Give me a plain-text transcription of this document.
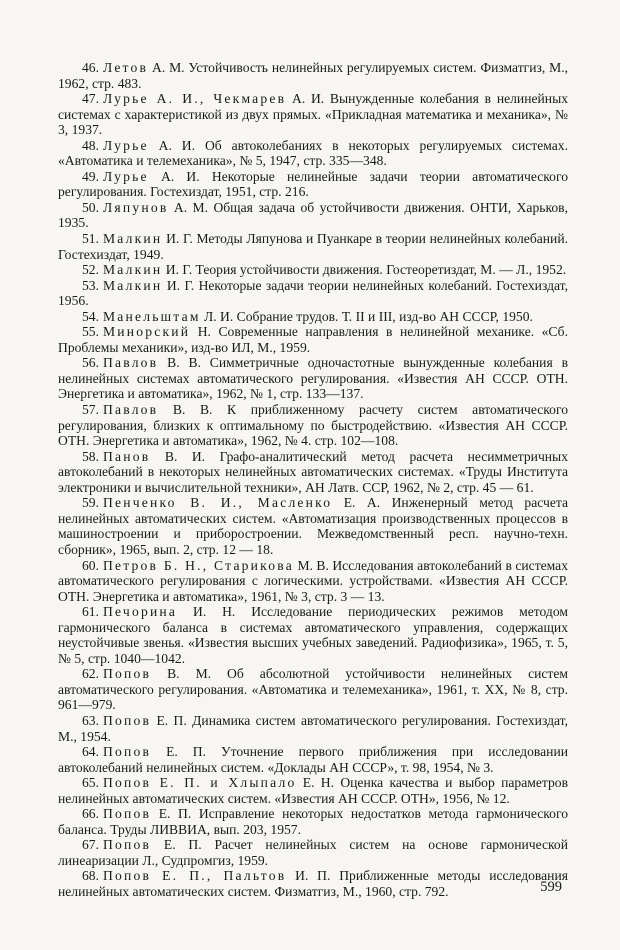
46. Летов А. М. Устойчивость нелинейных регулируемых систем. Физматгиз, М., 1962, стр. 483.
47. Лурье А. И., Чекмарев А. И. Вынужденные колебания в нелинейных системах с характеристикой из двух прямых. «Прикладная математика и механика», № 3, 1937.
48. Лурье А. И. Об автоколебаниях в некоторых регулируемых системах. «Автоматика и телемеханика», № 5, 1947, стр. 335—348.
49. Лурье А. И. Некоторые нелинейные задачи теории автоматического регулирования. Гостехиздат, 1951, стр. 216.
50. Ляпунов А. М. Общая задача об устойчивости движения. ОНТИ, Харьков, 1935.
51. Малкин И. Г. Методы Ляпунова и Пуанкаре в теории нелинейных колебаний. Гостехиздат, 1949.
52. Малкин И. Г. Теория устойчивости движения. Гостеоретиздат, М. — Л., 1952.
53. Малкин И. Г. Некоторые задачи теории нелинейных колебаний. Гостехиздат, 1956.
54. Манельштам Л. И. Собрание трудов. Т. II и III, изд-во АН СССР, 1950.
55. Минорский Н. Современные направления в нелинейной механике. «Сб. Проблемы механики», изд-во ИЛ, М., 1959.
56. Павлов В. В. Симметричные одночастотные вынужденные колебания в нелинейных системах автоматического регулирования. «Известия АН СССР. ОТН. Энергетика и автоматика», 1962, № 1, стр. 133—137.
57. Павлов В. В. К приближенному расчету систем автоматического регулирования, близких к оптимальному по быстродействию. «Известия АН СССР. ОТН. Энергетика и автоматика», 1962, № 4. стр. 102—108.
58. Панов В. И. Графо-аналитический метод расчета несимметричных автоколебаний в некоторых нелинейных автоматических системах. «Труды Института электроники и вычислительной техники», АН Латв. ССР, 1962, № 2, стр. 45 — 61.
59. Пенченко В. И., Масленко Е. А. Инженерный метод расчета нелинейных автоматических систем. «Автоматизация производственных процессов в машиностроении и приборостроении. Межведомственный респ. научно-техн. сборник», 1965, вып. 2, стр. 12 — 18.
60. Петров Б. Н., Старикова М. В. Исследования автоколебаний в системах автоматического регулирования с логическими. устройствами. «Известия АН СССР. ОТН. Энергетика и автоматика», 1961, № 3, стр. 3 — 13.
61. Печорина И. Н. Исследование периодических режимов методом гармонического баланса в системах автоматического управления, содержащих неустойчивые звенья. «Известия высших учебных заведений. Радиофизика», 1965, т. 5, № 5, стр. 1040—1042.
62. Попов В. М. Об абсолютной устойчивости нелинейных систем автоматического регулирования. «Автоматика и телемеханика», 1961, т. XX, № 8, стр. 961—979.
63. Попов Е. П. Динамика систем автоматического регулирования. Гостехиздат, М., 1954.
64. Попов Е. П. Уточнение первого приближения при исследовании автоколебаний нелинейных систем. «Доклады АН СССР», т. 98, 1954, № 3.
65. Попов Е. П. и Хлыпало Е. Н. Оценка качества и выбор параметров нелинейных автоматических систем. «Известия АН СССР. ОТН», 1956, № 12.
66. Попов Е. П. Исправление некоторых недостатков метода гармонического баланса. Труды ЛИВВИА, вып. 203, 1957.
67. Попов Е. П. Расчет нелинейных систем на основе гармонической линеаризации Л., Судпромгиз, 1959.
68. Попов Е. П., Пальтов И. П. Приближенные методы исследования нелинейных автоматических систем. Физматгиз, М., 1960, стр. 792.	599
